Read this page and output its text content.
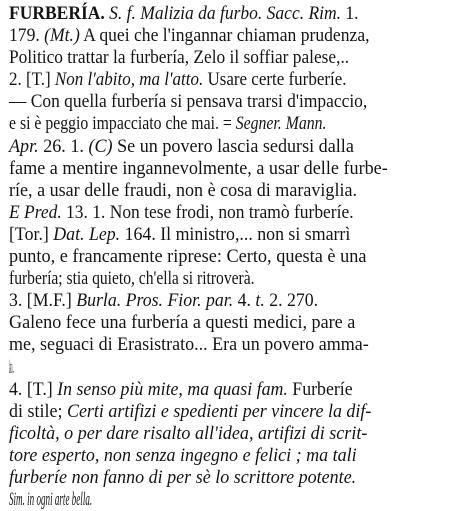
FURBERÍA. S. f. Malizia da furbo. Sacc. Rim. 1.
179. (Mt.) A quei che l'ingannar chiaman prudenza,
Politico trattar la furbería, Zelo il soffiar palese,..
2. [T.] Non l'abito, ma l'atto. Usare certe furberíe.
— Con quella furbería si pensava trarsi d'impaccio,
e si è peggio impacciato che mai. = Segner. Mann.
Apr. 26. 1. (C) Se un povero lascia sedursi dalla
fame a mentire ingannevolmente, a usar delle furbe-
ríe, a usar delle fraudi, non è cosa di maraviglia.
E Pred. 13. 1. Non tese frodi, non tramò furberíe.
[Tor.] Dat. Lep. 164. Il ministro,... non si smarrì
punto, e francamente riprese: Certo, questa è una
furbería; stia quieto, ch'ella si ritroverà.
3. [M.F.] Burla. Pros. Fior. par. 4. t. 2. 270.
Galeno fece una furbería a questi medici, pare a
me, seguaci di Erasistrato... Era un povero amma-
lato...
4. [T.] In senso più mite, ma quasi fam. Furberíe
di stile; Certi artifizi e spedienti per vincere la dif-
ficoltà, o per dare risalto all'idea, artifizi di scrit-
tore esperto, non senza ingegno e felici ; ma tali
furberíe non fanno di per sè lo scrittore potente.
Sim. in ogni arte bella.
